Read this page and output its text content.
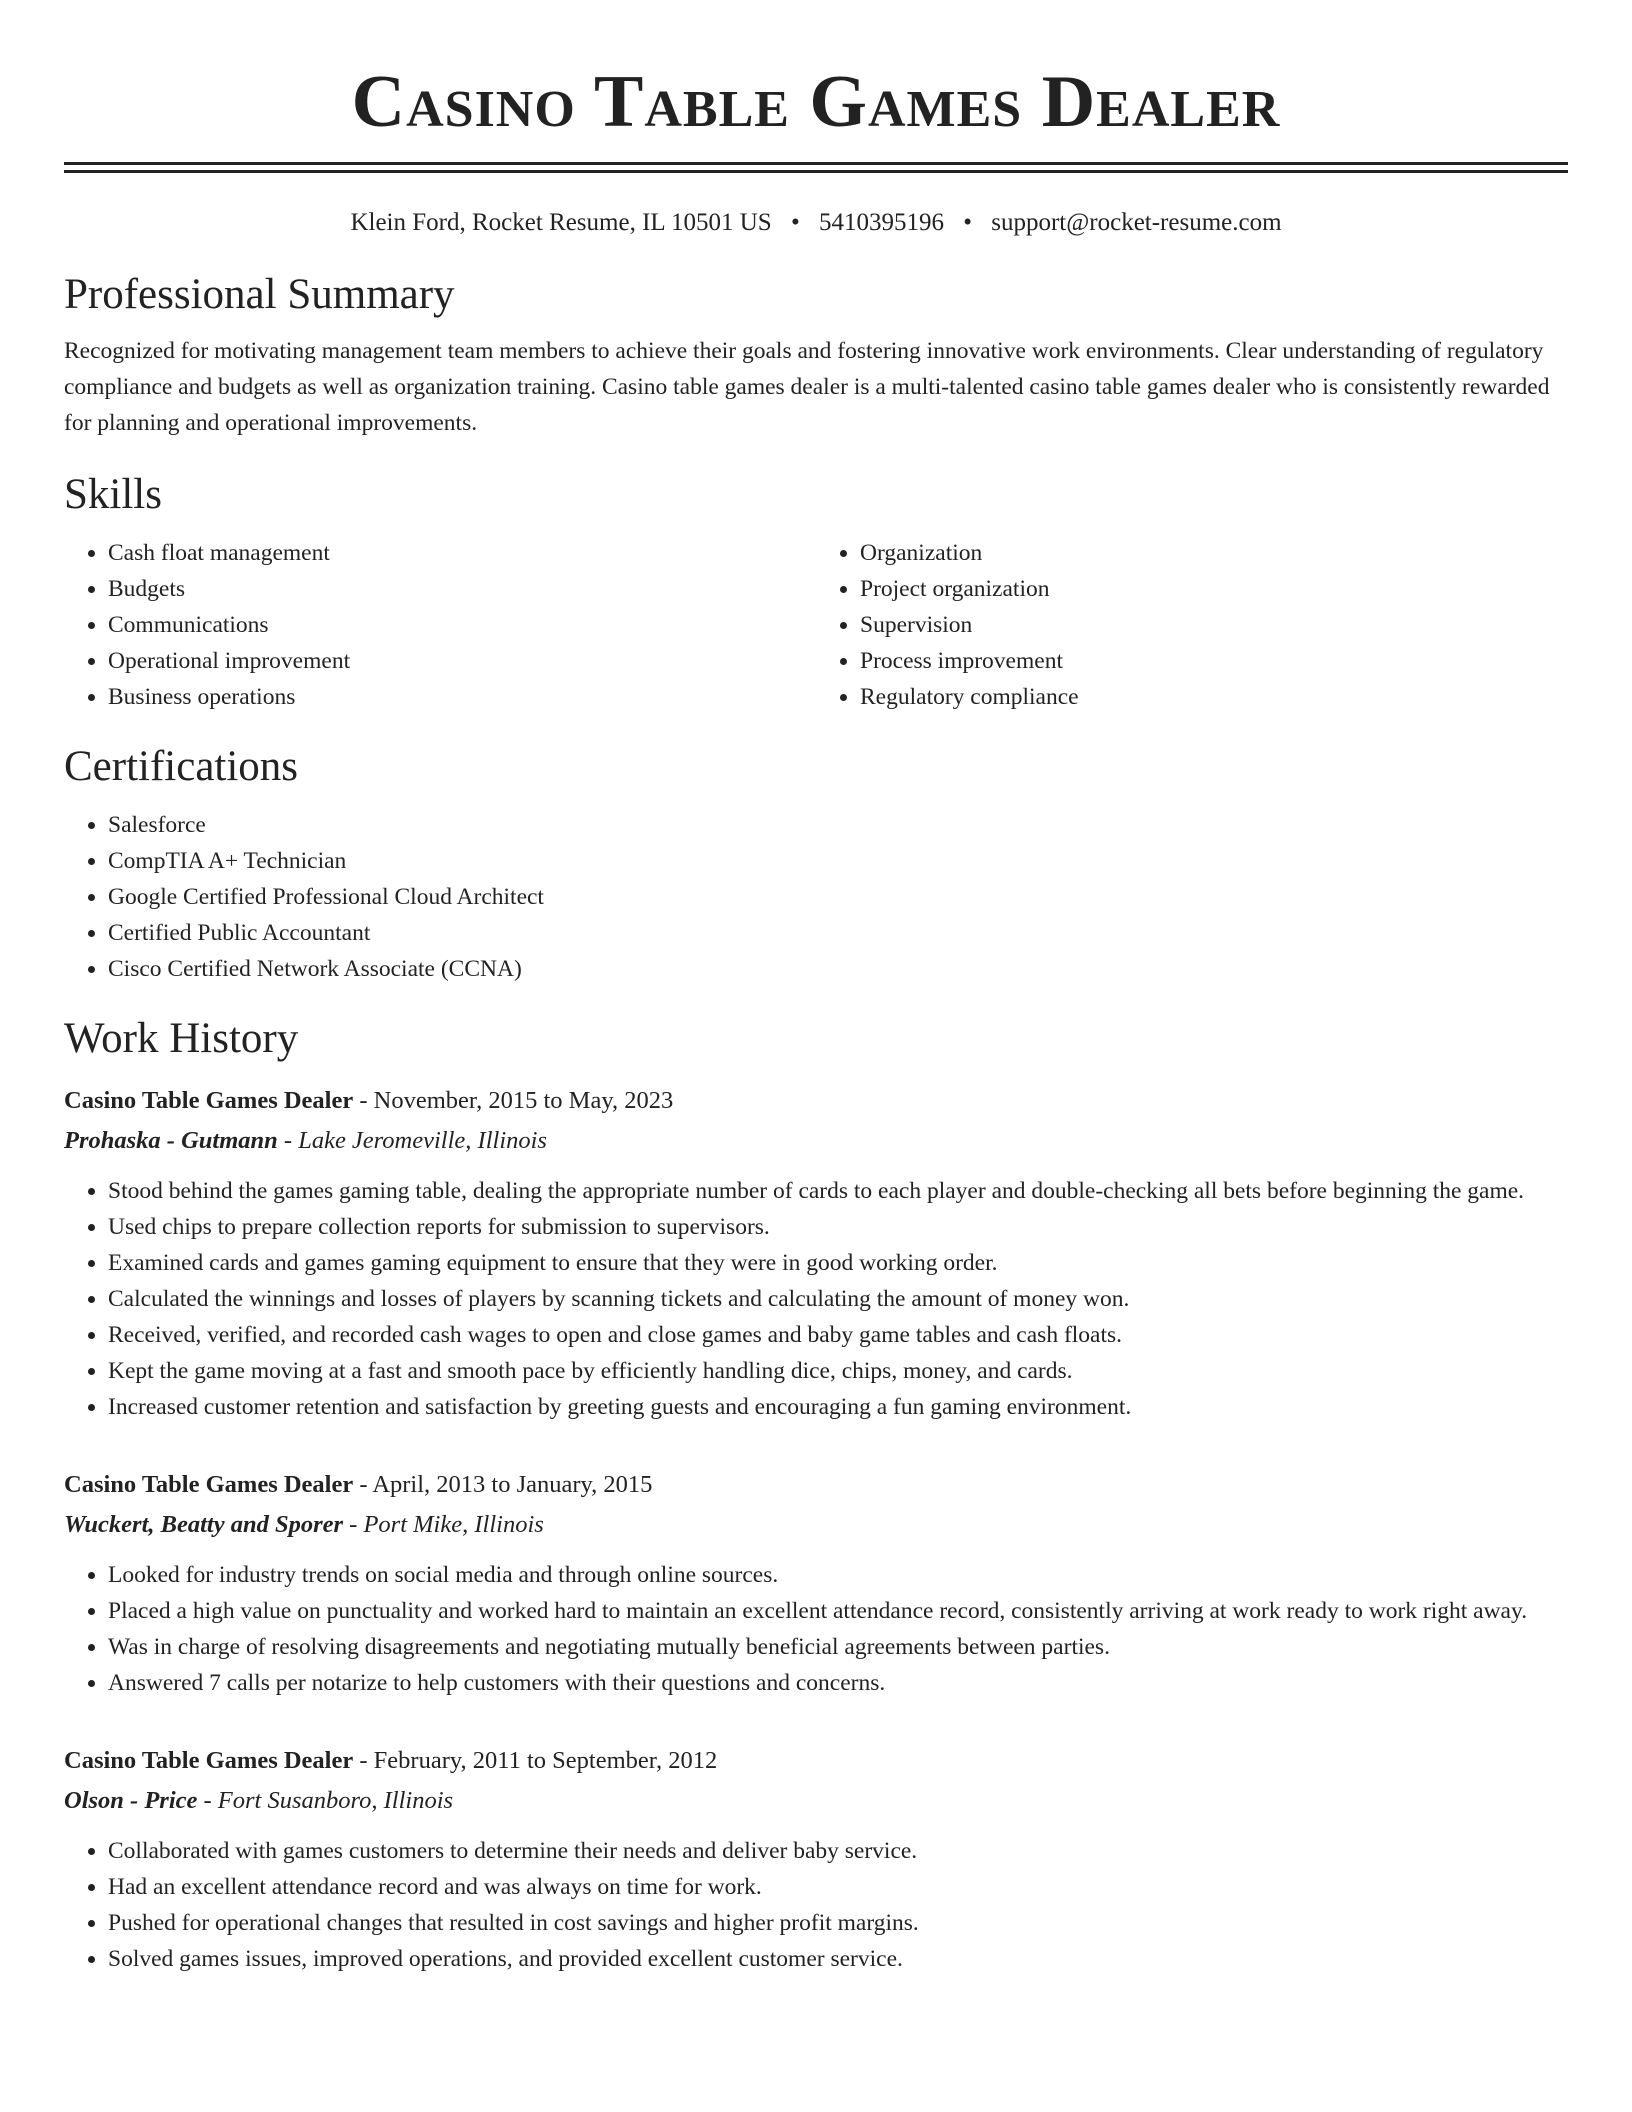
Casino Table Games Dealer
Klein Ford, Rocket Resume, IL 10501 US • 5410395196 • support@rocket-resume.com
Professional Summary

Recognized for motivating management team members to achieve their goals and fostering innovative work environments. Clear understanding of regulatory compliance and budgets as well as organization training. Casino table games dealer is a multi-talented casino table games dealer who is consistently rewarded for planning and operational improvements.

Skills
• Cash float management
• Budgets
• Communications
• Operational improvement
• Business operations
• Organization
• Project organization
• Supervision
• Process improvement
• Regulatory compliance
Certifications
• Salesforce
• CompTIA A+ Technician
• Google Certified Professional Cloud Architect
• Certified Public Accountant
• Cisco Certified Network Associate (CCNA)
Work History
Casino Table Games Dealer - November, 2015 to May, 2023
Prohaska - Gutmann - Lake Jeromeville, Illinois
• Stood behind the games gaming table, dealing the appropriate number of cards to each player and double-checking all bets before beginning the game.
• Used chips to prepare collection reports for submission to supervisors.
• Examined cards and games gaming equipment to ensure that they were in good working order.
• Calculated the winnings and losses of players by scanning tickets and calculating the amount of money won.
• Received, verified, and recorded cash wages to open and close games and baby game tables and cash floats.
• Kept the game moving at a fast and smooth pace by efficiently handling dice, chips, money, and cards.
• Increased customer retention and satisfaction by greeting guests and encouraging a fun gaming environment.
Casino Table Games Dealer - April, 2013 to January, 2015
Wuckert, Beatty and Sporer - Port Mike, Illinois
• Looked for industry trends on social media and through online sources.
• Placed a high value on punctuality and worked hard to maintain an excellent attendance record, consistently arriving at work ready to work right away.
• Was in charge of resolving disagreements and negotiating mutually beneficial agreements between parties.
• Answered 7 calls per notarize to help customers with their questions and concerns.
Casino Table Games Dealer - February, 2011 to September, 2012
Olson - Price - Fort Susanboro, Illinois
• Collaborated with games customers to determine their needs and deliver baby service.
• Had an excellent attendance record and was always on time for work.
• Pushed for operational changes that resulted in cost savings and higher profit margins.
• Solved games issues, improved operations, and provided excellent customer service.
